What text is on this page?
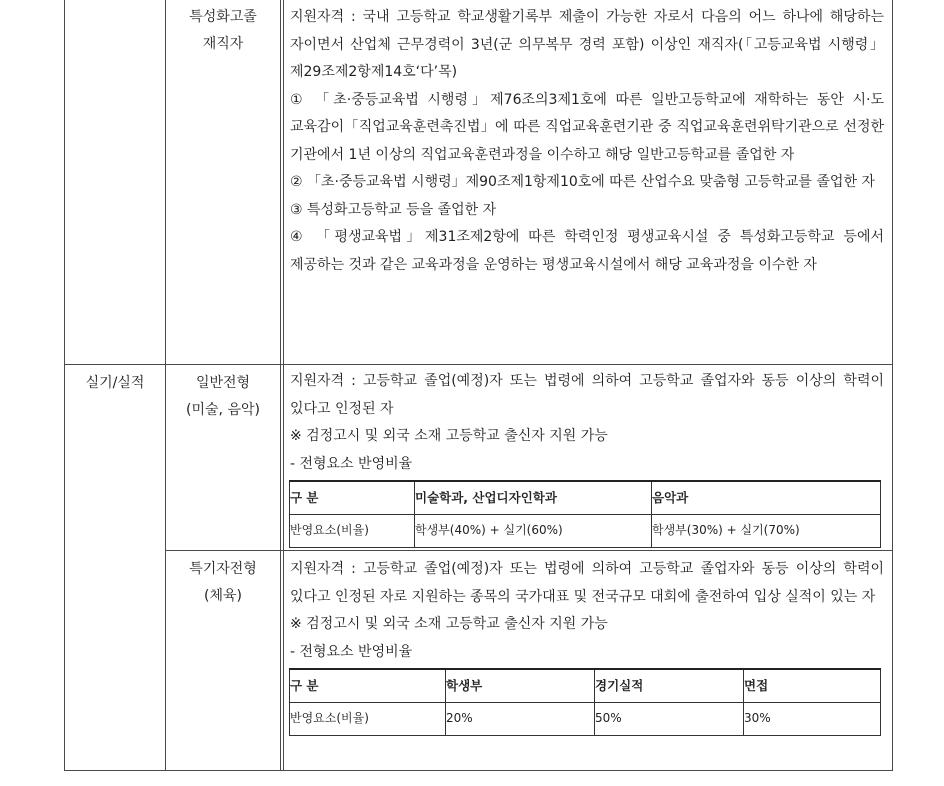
특성화고졸
재직자

지원자격 : 국내 고등학교 학교생활기록부 제출이 가능한 자로서 다음의 어느 하나에 해당하는 자이면서 산업체 근무경력이 3년(군 의무복무 경력 포함) 이상인 재직자(「고등교육법 시행령」제29조제2항제14호‘다’목)

① 「초·중등교육법 시행령」제76조의3제1호에 따른 일반고등학교에 재학하는 동안 시·도 교육감이「직업교육훈련촉진법」에 따른 직업교육훈련기관 중 직업교육훈련위탁기관으로 선정한 기관에서 1년 이상의 직업교육훈련과정을 이수하고 해당 일반고등학교를 졸업한 자

② 「초·중등교육법 시행령」제90조제1항제10호에 따른 산업수요 맞춤형 고등학교를 졸업한 자

③ 특성화고등학교 등을 졸업한 자

④ 「평생교육법」제31조제2항에 따른 학력인정 평생교육시설 중 특성화고등학교 등에서 제공하는 것과 같은 교육과정을 운영하는 평생교육시설에서 해당 교육과정을 이수한 자

실기/실적	일반전형
(미술, 음악)

지원자격 : 고등학교 졸업(예정)자 또는 법령에 의하여 고등학교 졸업자와 동등 이상의 학력이 있다고 인정된 자

※ 검정고시 및 외국 소재 고등학교 출신자 지원 가능

- 전형요소 반영비율

구 분	미술학과, 산업디자인학과	음악과
반영요소(비율)	학생부(40%) + 실기(60%)	학생부(30%) + 실기(70%)
특기자전형
(체육)

지원자격 : 고등학교 졸업(예정)자 또는 법령에 의하여 고등학교 졸업자와 동등 이상의 학력이 있다고 인정된 자로 지원하는 종목의 국가대표 및 전국규모 대회에 출전하여 입상 실적이 있는 자

※ 검정고시 및 외국 소재 고등학교 출신자 지원 가능

- 전형요소 반영비율

구 분	학생부	경기실적	면접
반영요소(비율)	20%	50%	30%
